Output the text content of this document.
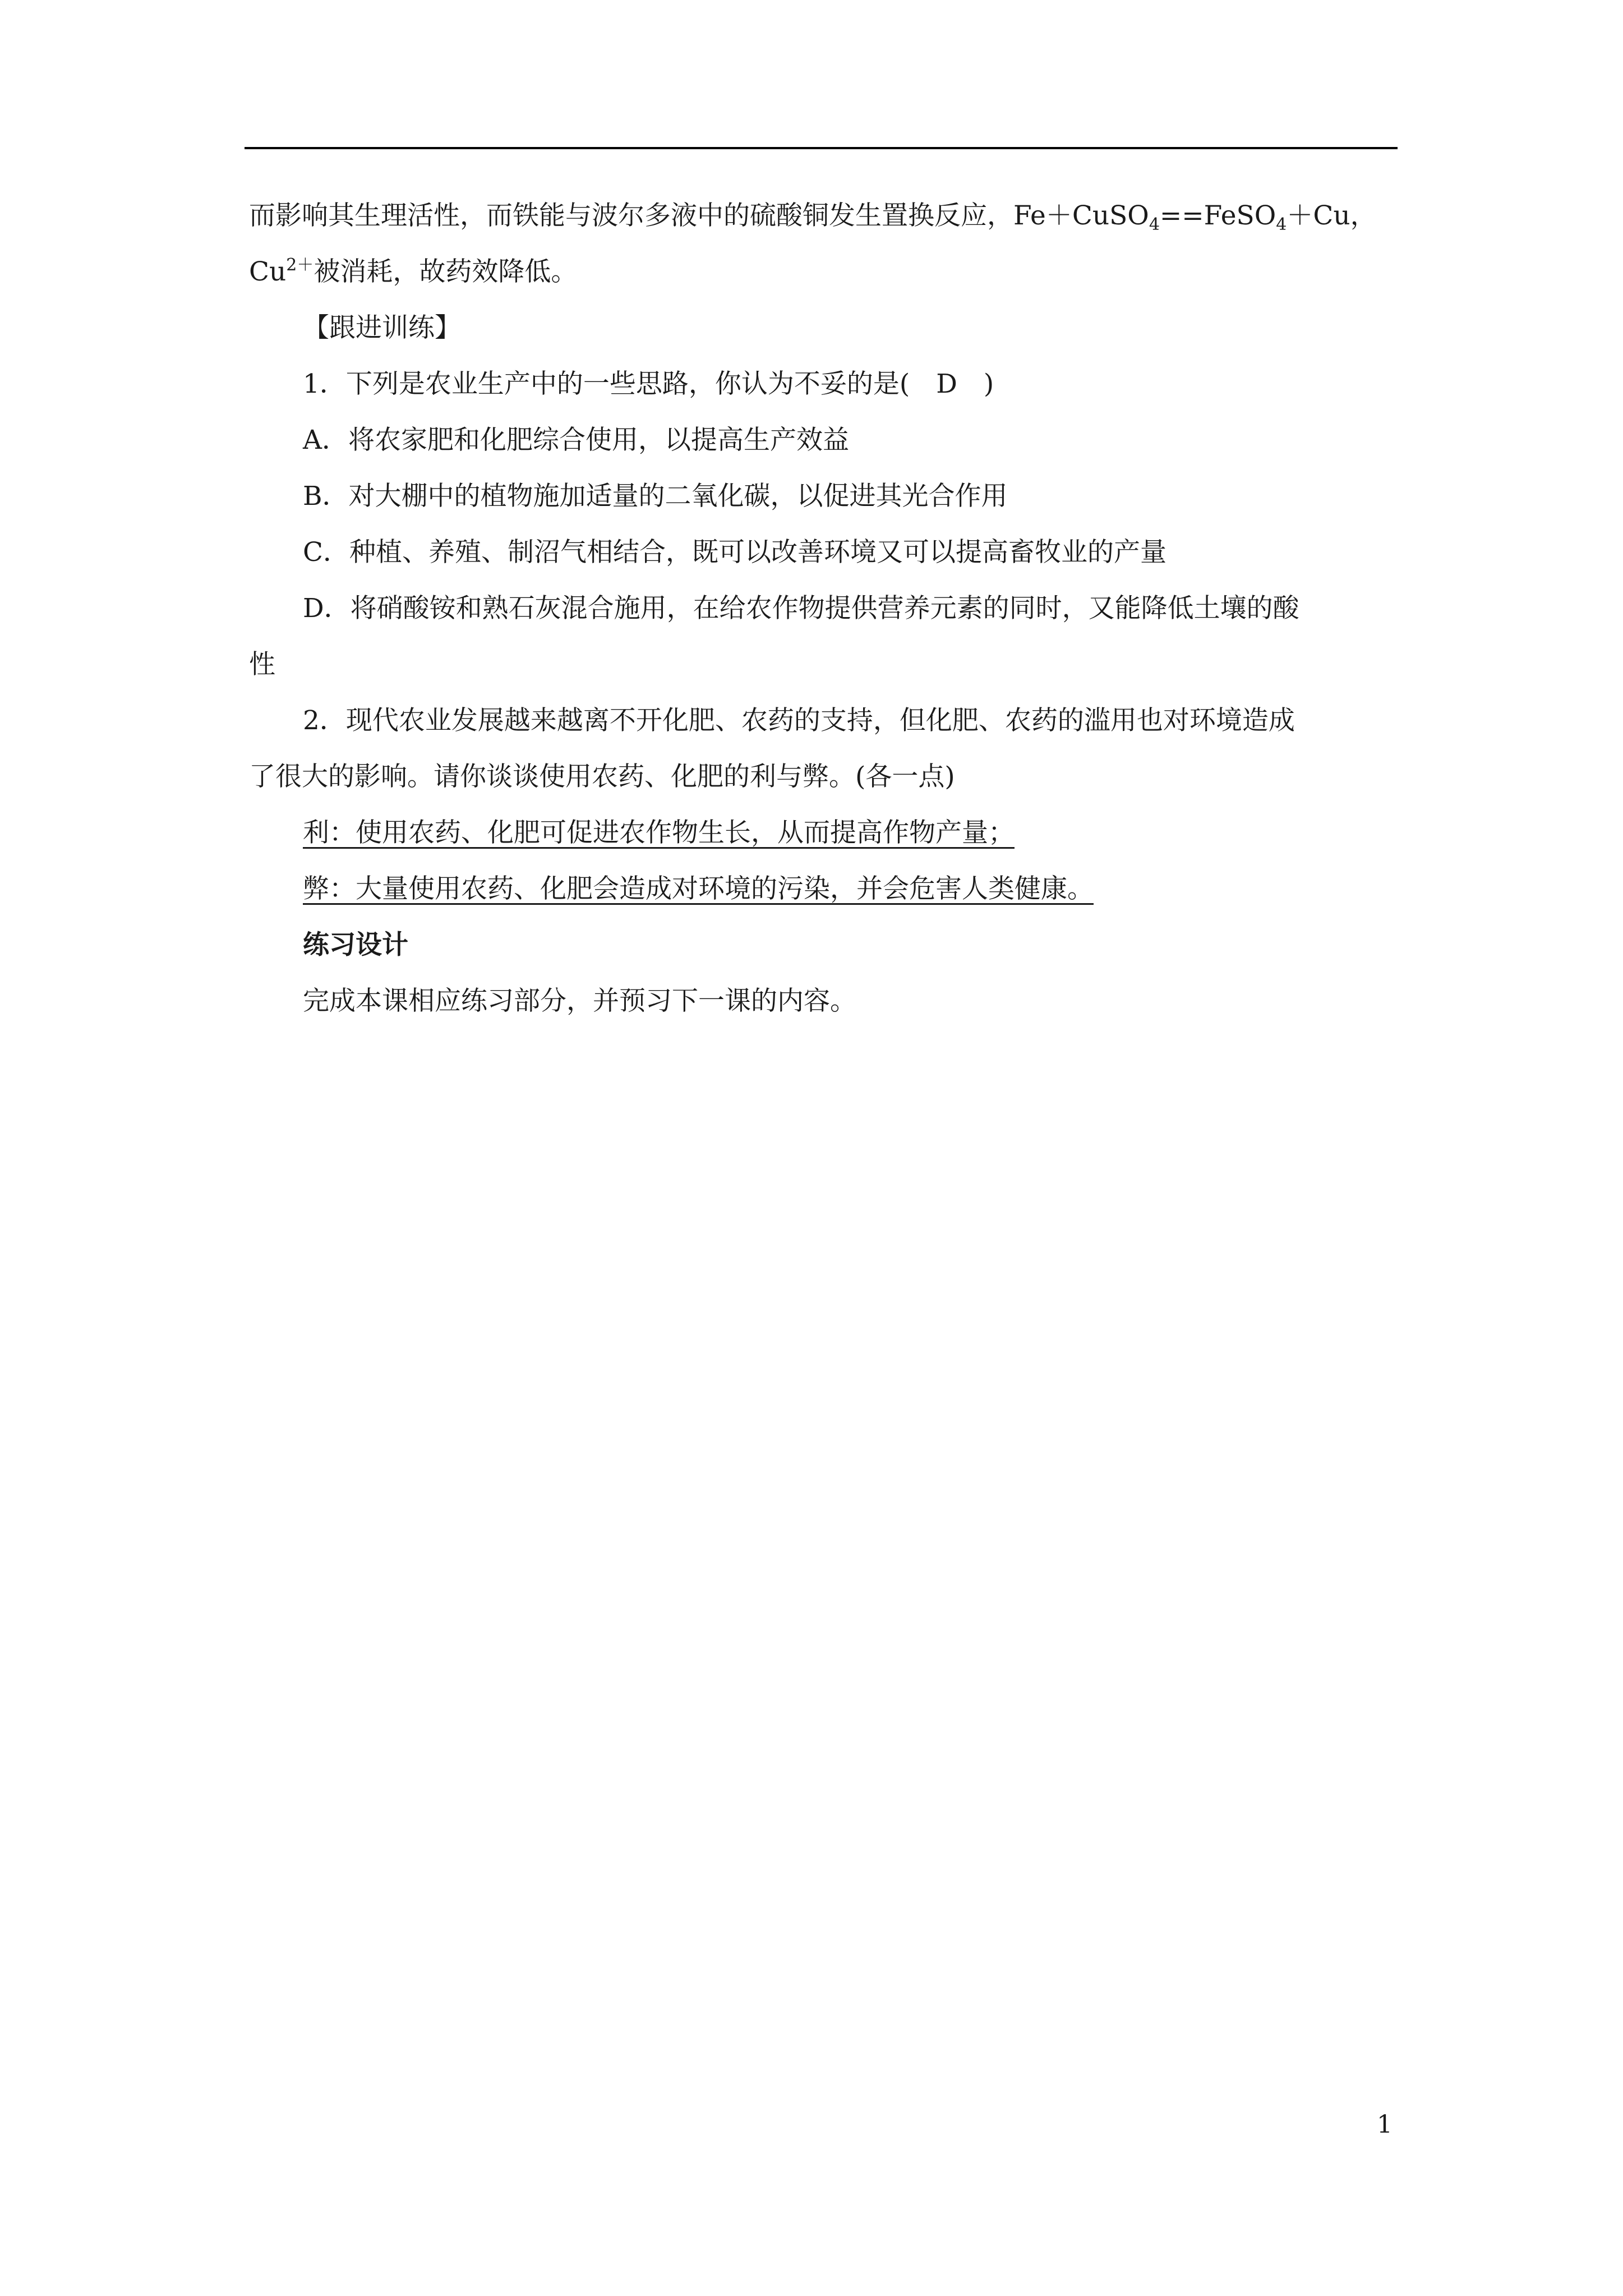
而影响其生理活性，而铁能与波尔多液中的硫酸铜发生置换反应，Fe＋CuSO$_4$==FeSO$_4$＋Cu，
$Cu^{2+}$被消耗，故药效降低。
【跟进训练】
1．下列是农业生产中的一些思路，你认为不妥的是(　D　)
A．将农家肥和化肥综合使用，以提高生产效益
B．对大棚中的植物施加适量的二氧化碳，以促进其光合作用
C．种植、养殖、制沼气相结合，既可以改善环境又可以提高畜牧业的产量
D．将硝酸铵和熟石灰混合施用，在给农作物提供营养元素的同时，又能降低土壤的酸
性
2．现代农业发展越来越离不开化肥、农药的支持，但化肥、农药的滥用也对环境造成
了很大的影响。请你谈谈使用农药、化肥的利与弊。(各一点)
利：使用农药、化肥可促进农作物生长，从而提高作物产量；
弊：大量使用农药、化肥会造成对环境的污染，并会危害人类健康。
练习设计
完成本课相应练习部分，并预习下一课的内容。
1
